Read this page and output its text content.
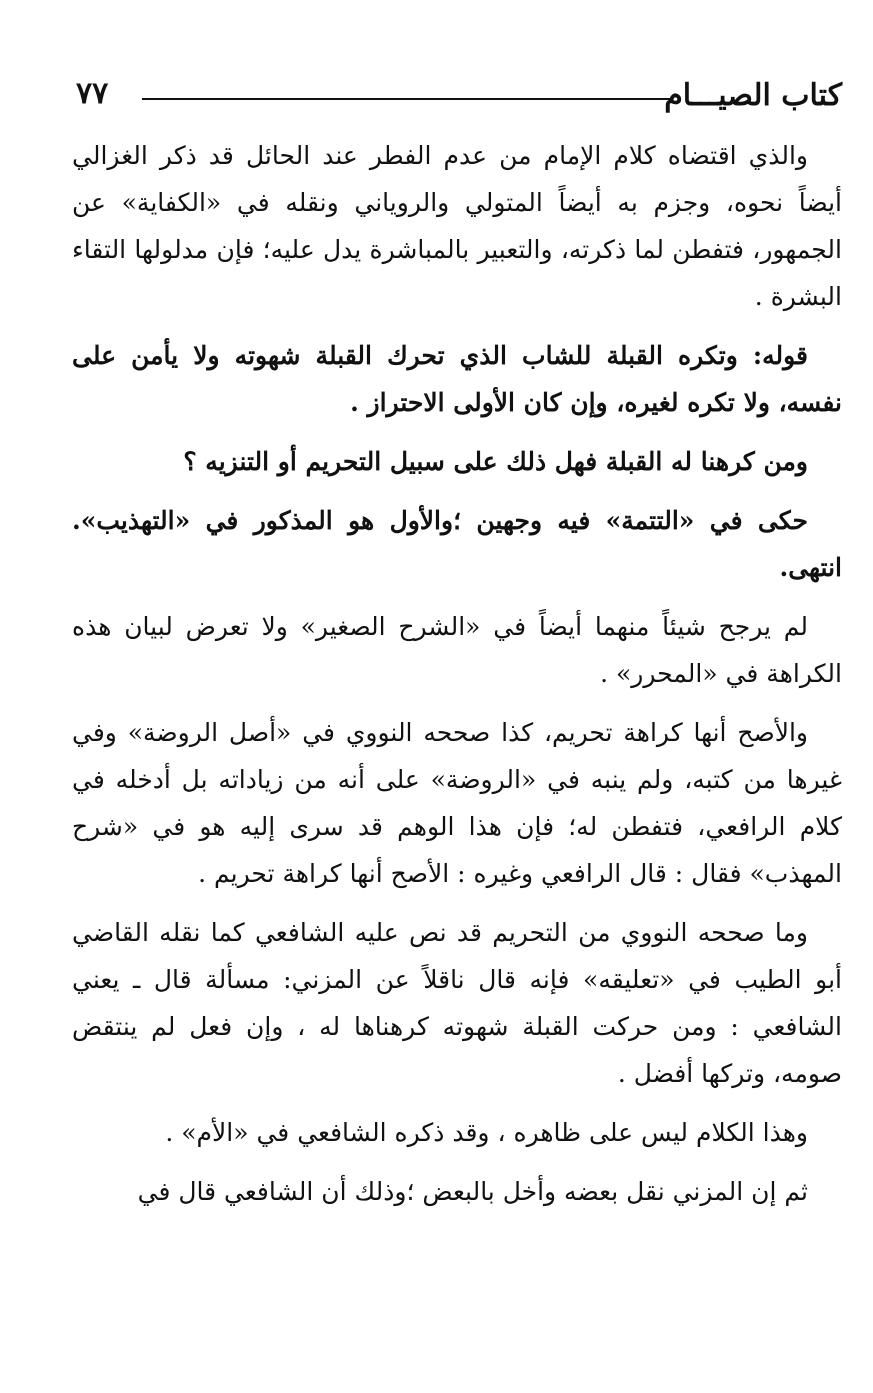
كتاب الصيـــام
٧٧

والذي اقتضاه كلام الإمام من عدم الفطر عند الحائل قد ذكر الغزالي أيضاً نحوه، وجزم به أيضاً المتولي والروياني ونقله في «الكفاية» عن الجمهور، فتفطن لما ذكرته، والتعبير بالمباشرة يدل عليه؛ فإن مدلولها التقاء البشرة .

قوله: وتكره القبلة للشاب الذي تحرك القبلة شهوته ولا يأمن على نفسه، ولا تكره لغيره، وإن كان الأولى الاحتراز .

ومن كرهنا له القبلة فهل ذلك على سبيل التحريم أو التنزيه ؟

حكى في «التتمة» فيه وجهين ؛والأول هو المذكور في «التهذيب». انتهى.

لم يرجح شيئاً منهما أيضاً في «الشرح الصغير» ولا تعرض لبيان هذه الكراهة في «المحرر» .

والأصح أنها كراهة تحريم، كذا صححه النووي في «أصل الروضة» وفي غيرها من كتبه، ولم ينبه في «الروضة» على أنه من زياداته بل أدخله في كلام الرافعي، فتفطن له؛ فإن هذا الوهم قد سرى إليه هو في «شرح المهذب» فقال : قال الرافعي وغيره : الأصح أنها كراهة تحريم .

وما صححه النووي من التحريم قد نص عليه الشافعي كما نقله القاضي أبو الطيب في «تعليقه» فإنه قال ناقلاً عن المزني: مسألة قال ـ يعني الشافعي : ومن حركت القبلة شهوته كرهناها له ، وإن فعل لم ينتقض صومه، وتركها أفضل .

وهذا الكلام ليس على ظاهره ، وقد ذكره الشافعي في «الأم» .

ثم إن المزني نقل بعضه وأخل بالبعض ؛وذلك أن الشافعي قال في
